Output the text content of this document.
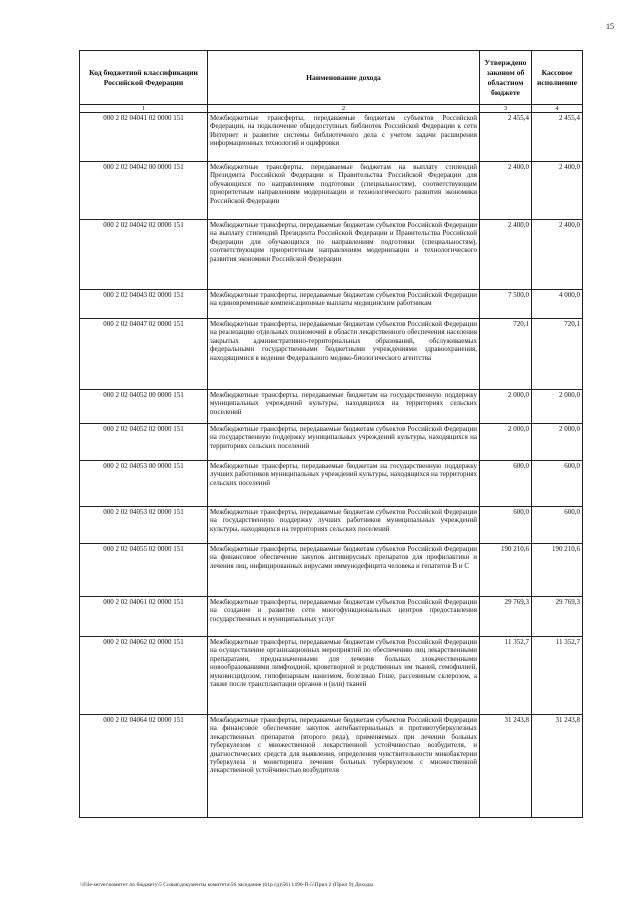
15
Код бюджетной классификации Российской Федерации	Наименование дохода	Утверждено законом об областном бюджете	Кассовое исполнение
1	2	3	4
000 2 02 04041 02 0000 151	Межбюджетные трансферты, передаваемые бюджетам субъектов Российской Федерации, на подключение общедоступных библиотек Российской Федерации к сети Интернет и развитие системы библиотечного дела с учетом задачи расширения информационных технологий и оцифровки	2 455,4	2 455,4
000 2 02 04042 00 0000 151	Межбюджетные трансферты, передаваемые бюджетам на выплату стипендий Президента Российской Федерации и Правительства Российской Федерации для обучающихся по направлениям подготовки (специальностям), соответствующим приоритетным направлениям модернизации и технологического развития экономики Российской Федерации	2 400,0	2 400,0
000 2 02 04042 02 0000 151	Межбюджетные трансферты, передаваемые бюджетам субъектов Российской Федерации на выплату стипендий Президента Российской Федерации и Правительства Российской Федерации для обучающихся по направлениям подготовки (специальностям), соответствующим приоритетным направлениям модернизации и технологического развития экономики Российской Федерации	2 400,0	2 400,0
000 2 02 04043 02 0000 151	Межбюджетные трансферты, передаваемые бюджетам субъектов Российской Федерации на единовременные компенсационные выплаты медицинским работникам	7 500,0	4 000,0
000 2 02 04047 02 0000 151	Межбюджетные трансферты, передаваемые бюджетам субъектов Российской Федерации на реализацию отдельных полномочий в области лекарственного обеспечения населения закрытых административно-территориальных образований, обслуживаемых федеральными государственными бюджетными учреждениями здравоохранения, находящимися в ведении Федерального медико-биологического агентства	720,1	720,1
000 2 02 04052 00 0000 151	Межбюджетные трансферты, передаваемые бюджетам на государственную поддержку муниципальных учреждений культуры, находящихся на территориях сельских поселений	2 000,0	2 000,0
000 2 02 04052 02 0000 151	Межбюджетные трансферты, передаваемые бюджетам субъектов Российской Федерации на государственную поддержку муниципальных учреждений культуры, находящихся на территориях сельских поселений	2 000,0	2 000,0
000 2 02 04053 00 0000 151	Межбюджетные трансферты, передаваемые бюджетам на государственную поддержку лучших работников муниципальных учреждений культуры, находящихся на территориях сельских поселений	600,0	600,0
000 2 02 04053 02 0000 151	Межбюджетные трансферты, передаваемые бюджетам субъектов Российской Федерации на государственную поддержку лучших работников муниципальных учреждений культуры, находящихся на территориях сельских поселений	600,0	600,0
000 2 02 04055 02 0000 151	Межбюджетные трансферты, передаваемые бюджетам субъектов Российской Федерации на финансовое обеспечение закупок антивирусных препаратов для профилактики и лечения лиц, инфицированных вирусами иммунодефицита человека и гепатитов В и С	190 210,6	190 210,6
000 2 02 04061 02 0000 151	Межбюджетные трансферты, передаваемые бюджетам субъектов Российской Федерации на создание и развитие сети многофункциональных центров предоставления государственных и муниципальных услуг	29 769,3	29 769,3
000 2 02 04062 02 0000 151	Межбюджетные трансферты, передаваемые бюджетам субъектов Российской Федерации на осуществление организационных мероприятий по обеспечению лиц лекарственными препаратами, предназначенными для лечения больных злокачественными новообразованиями лимфоидной, кроветворной и родственных им тканей, гемофилией, муковисцидозом, гипофизарным нанизмом, болезнью Гоше, рассеянным склерозом, а также после трансплантации органов и (или) тканей	11 352,7	11 352,7
000 2 02 04064 02 0000 151	Межбюджетные трансферты, передаваемые бюджетам субъектов Российской Федерации на финансовое обеспечение закупок антибактериальных и противотуберкулезных лекарственных препаратов (второго ряда), применяемых при лечении больных туберкулезом с множественной лекарственной устойчивостью возбудителя, и диагностических средств для выявления, определения чувствительности микобактерии туберкулеза и мониторинга лечения больных туберкулезом с множественной лекарственной устойчивостью возбудителя	31 243,8	31 243,8
\\File-server\комитет по бюджету\5 Созыв\документы комитета\56 заседание (61р.гд)\56) 1490-П-5\Прил 2 (Прил 9) Доходы
